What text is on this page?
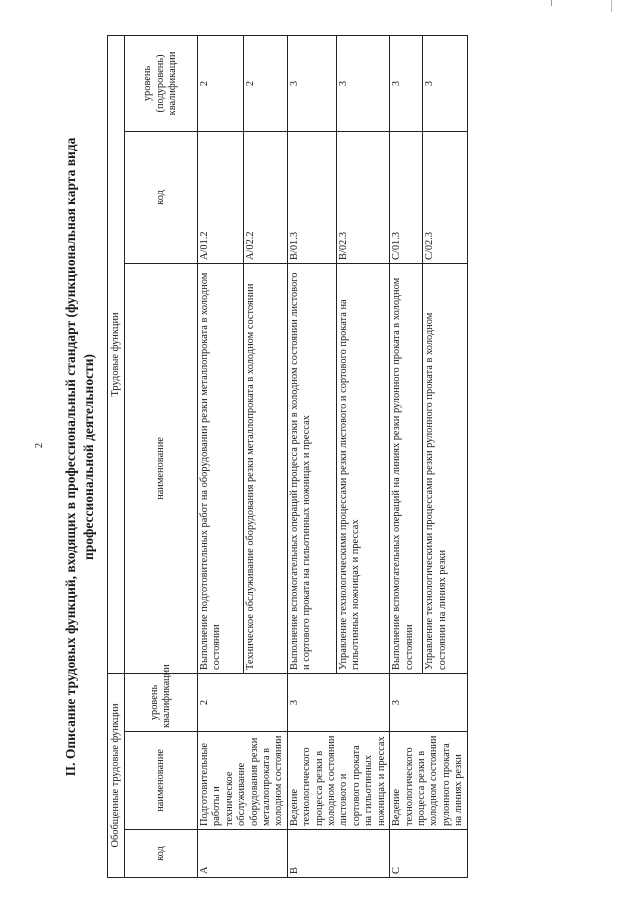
2 II. Описание трудовых функций, входящих в профессиональный стандарт (функциональная карта вида профессиональной деятельности)
Обобщенные трудовые функции			Трудовые функции		
код	наименование	уровень квалификации	наименование	код	уровень (подуровень) квалификации
A	Подготовительные работы и техническое обслуживание оборудования резки металлопроката в холодном состоянии	2	Выполнение подготовительных работ на оборудовании резки металлопроката в холодном состоянии	A/01.2	2
			Техническое обслуживание оборудования резки металлопроката в холодном состоянии	A/02.2	2
B	Ведение технологического процесса резки в холодном состоянии листового и сортового проката на гильотинных ножницах и прессах	3	Выполнение вспомогательных операций процесса резки в холодном состоянии листового и сортового проката на гильотинных ножницах и прессах	B/01.3	3
			Управление технологическими процессами резки листового и сортового проката на гильотинных ножницах и прессах	B/02.3	3
C	Ведение технологического процесса резки в холодном состоянии рулонного проката на линиях резки	3	Выполнение вспомогательных операций на линиях резки рулонного проката в холодном состоянии	C/01.3	3
			Управление технологическими процессами резки рулонного проката в холодном состоянии на линиях резки	C/02.3	3
